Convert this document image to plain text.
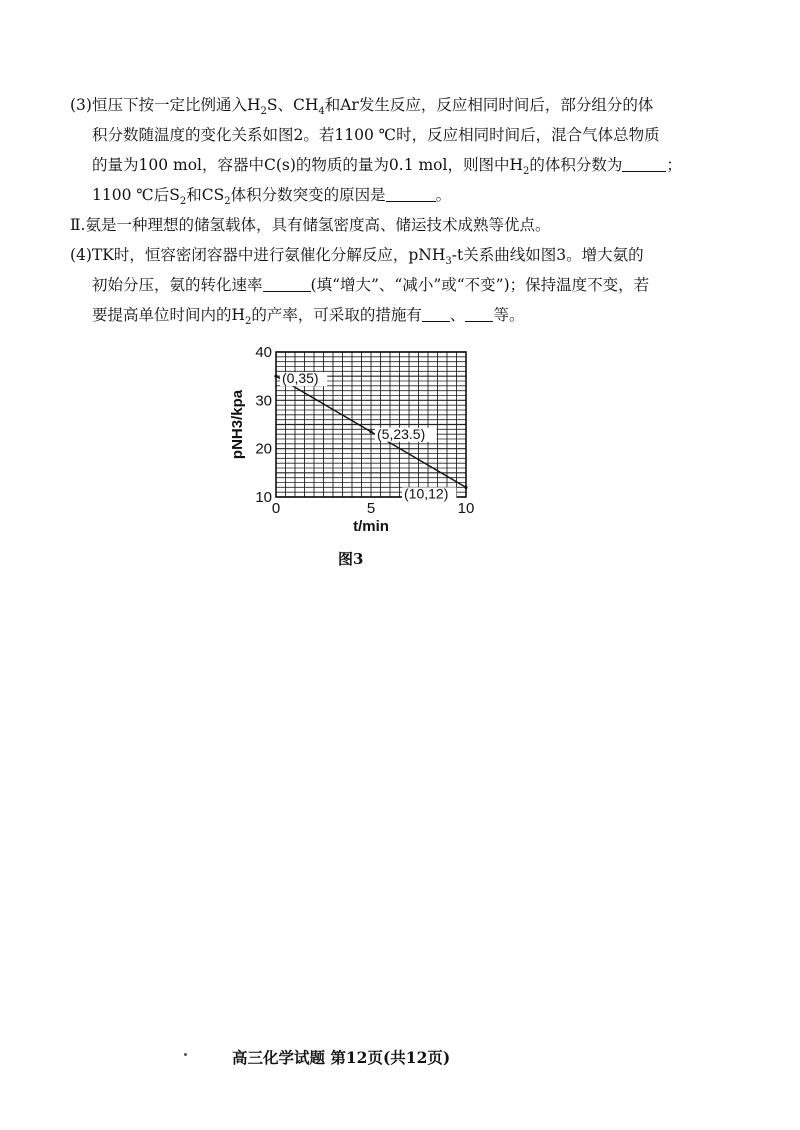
(3)恒压下按一定比例通入$H_2S$、$CH_4$和Ar发生反应，反应相同时间后，部分组分的体

积分数随温度的变化关系如图2。若1100 ℃时，反应相同时间后，混合气体总物质

的量为100 mol，容器中C(s)的物质的量为0.1 mol，则图中$H_2$的体积分数为	；

1100 ℃后$S_2$和$CS_2$体积分数突变的原因是	。

Ⅱ.氨是一种理想的储氢载体，具有储氢密度高、储运技术成熟等优点。

(4)TK时，恒容密闭容器中进行氨催化分解反应，pNH$_3$-t关系曲线如图3。增大氨的

初始分压，氨的转化速率	(填“增大”、“减小”或“不变”)；保持温度不变，若

要提高单位时间内的$H_2$的产率，可采取的措施有 、 等。

(0,35)
(5,23.5)
(10,12)
0	5	10
10
20
30
40
t/min
pNH3/kpa
图3
高三化学试题 第12页(共12页)
